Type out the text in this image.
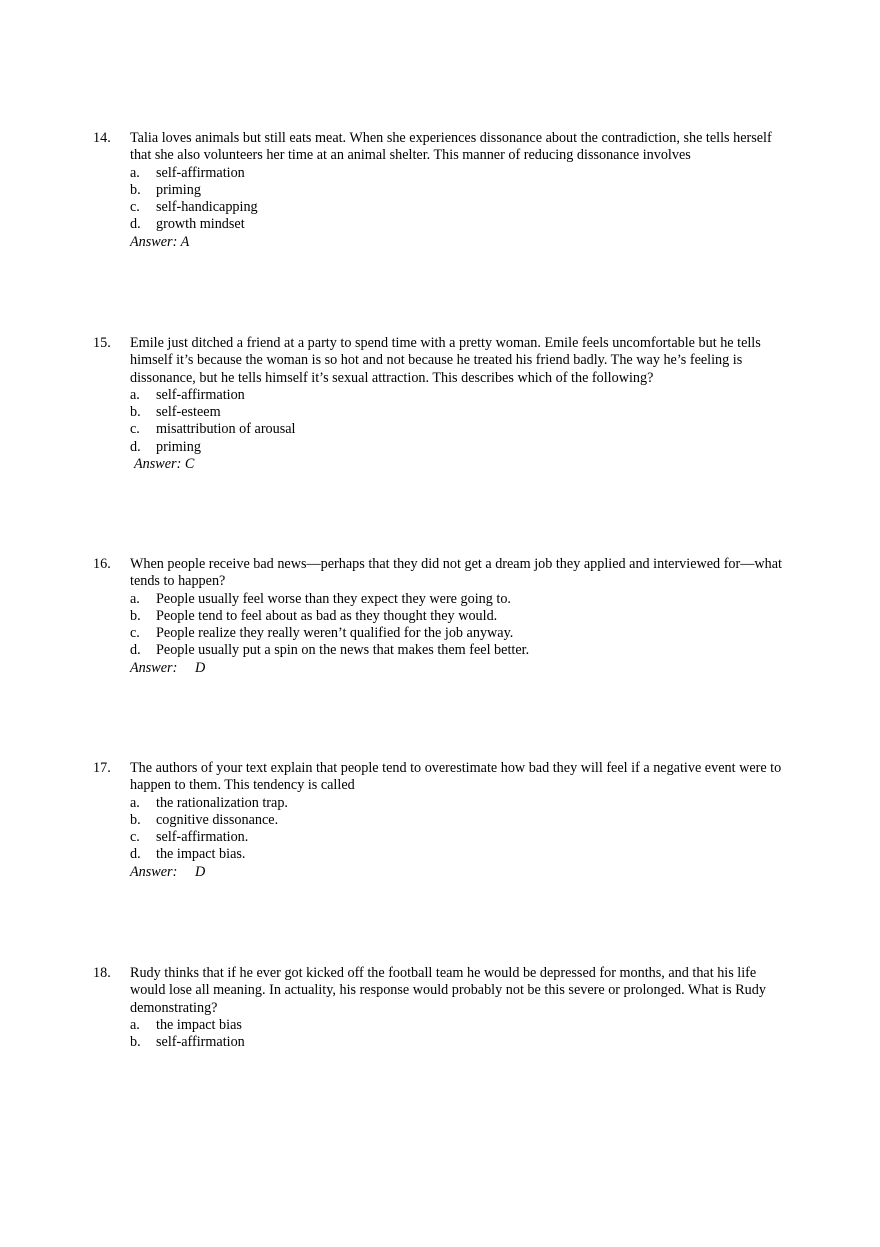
14. Talia loves animals but still eats meat. When she experiences dissonance about the contradiction, she tells herself that she also volunteers her time at an animal shelter. This manner of reducing dissonance involves
a. self-affirmation
b. priming
c. self-handicapping
d. growth mindset
Answer: A
15. Emile just ditched a friend at a party to spend time with a pretty woman. Emile feels uncomfortable but he tells himself it’s because the woman is so hot and not because he treated his friend badly. The way he’s feeling is dissonance, but he tells himself it’s sexual attraction. This describes which of the following?
a. self-affirmation
b. self-esteem
c. misattribution of arousal
d. priming
Answer: C
16. When people receive bad news—perhaps that they did not get a dream job they applied and interviewed for—what tends to happen?
a. People usually feel worse than they expect they were going to.
b. People tend to feel about as bad as they thought they would.
c. People realize they really weren’t qualified for the job anyway.
d. People usually put a spin on the news that makes them feel better.
Answer:     D
17. The authors of your text explain that people tend to overestimate how bad they will feel if a negative event were to happen to them. This tendency is called
a. the rationalization trap.
b. cognitive dissonance.
c. self-affirmation.
d. the impact bias.
Answer:     D
18. Rudy thinks that if he ever got kicked off the football team he would be depressed for months, and that his life would lose all meaning. In actuality, his response would probably not be this severe or prolonged. What is Rudy demonstrating?
a. the impact bias
b. self-affirmation
